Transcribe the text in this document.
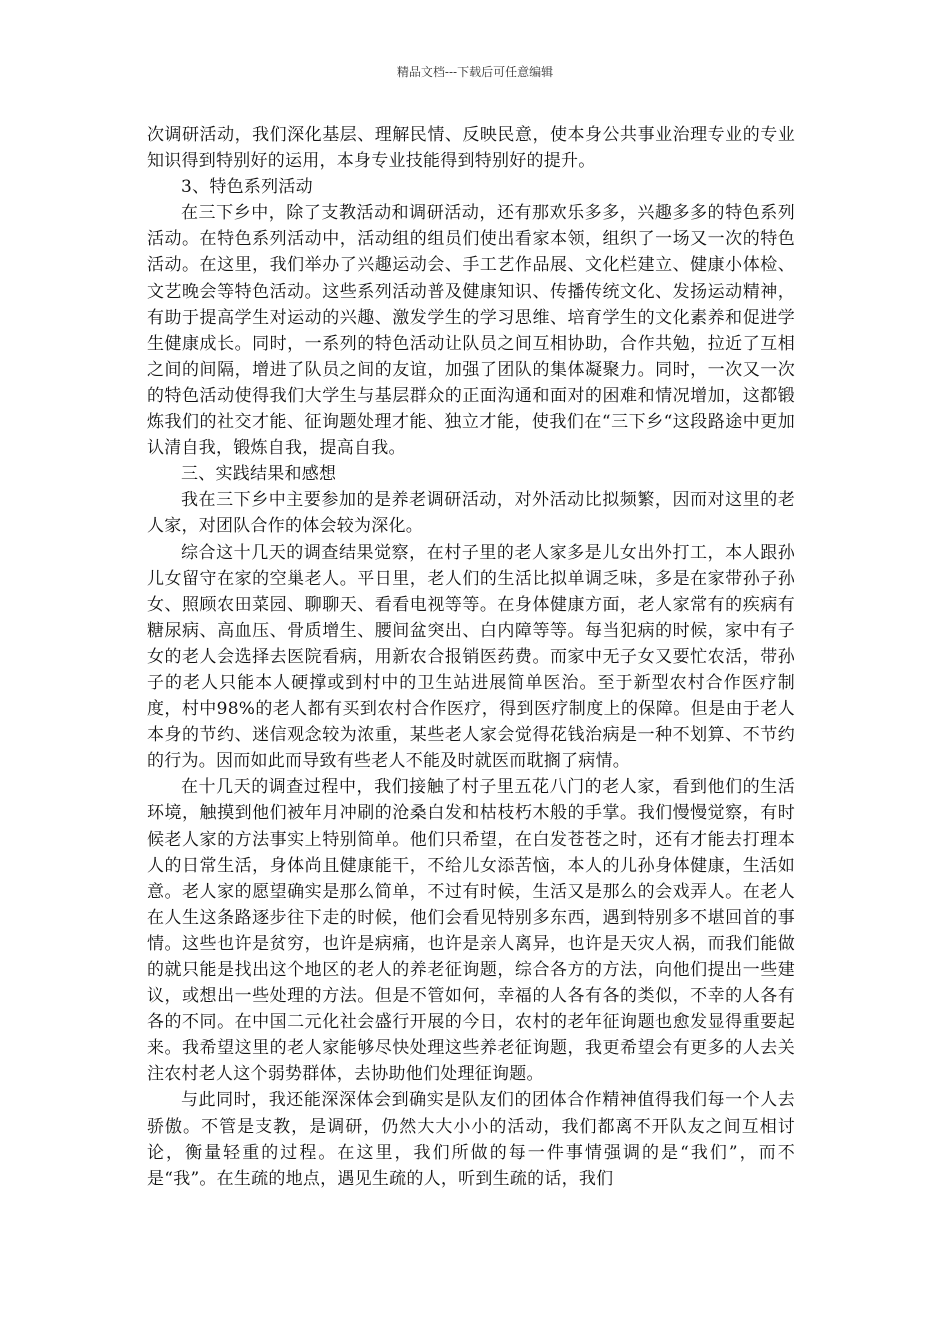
精品文档---下载后可任意编辑

次调研活动，我们深化基层、理解民情、反映民意，使本身公共事业治理专业的专业知识得到特别好的运用，本身专业技能得到特别好的提升。

3、特色系列活动

在三下乡中，除了支教活动和调研活动，还有那欢乐多多，兴趣多多的特色系列活动。在特色系列活动中，活动组的组员们使出看家本领，组织了一场又一次的特色活动。在这里，我们举办了兴趣运动会、手工艺作品展、文化栏建立、健康小体检、文艺晚会等特色活动。这些系列活动普及健康知识、传播传统文化、发扬运动精神，有助于提高学生对运动的兴趣、激发学生的学习思维、培育学生的文化素养和促进学生健康成长。同时，一系列的特色活动让队员之间互相协助，合作共勉，拉近了互相之间的间隔，增进了队员之间的友谊，加强了团队的集体凝聚力。同时，一次又一次的特色活动使得我们大学生与基层群众的正面沟通和面对的困难和情况增加，这都锻炼我们的社交才能、征询题处理才能、独立才能，使我们在“三下乡“这段路途中更加认清自我，锻炼自我，提高自我。

三、实践结果和感想

我在三下乡中主要参加的是养老调研活动，对外活动比拟频繁，因而对这里的老人家，对团队合作的体会较为深化。

综合这十几天的调查结果觉察，在村子里的老人家多是儿女出外打工，本人跟孙儿女留守在家的空巢老人。平日里，老人们的生活比拟单调乏味，多是在家带孙子孙女、照顾农田菜园、聊聊天、看看电视等等。在身体健康方面，老人家常有的疾病有糖尿病、高血压、骨质增生、腰间盆突出、白内障等等。每当犯病的时候，家中有子女的老人会选择去医院看病，用新农合报销医药费。而家中无子女又要忙农活，带孙子的老人只能本人硬撑或到村中的卫生站进展简单医治。至于新型农村合作医疗制度，村中98%的老人都有买到农村合作医疗，得到医疗制度上的保障。但是由于老人本身的节约、迷信观念较为浓重，某些老人家会觉得花钱治病是一种不划算、不节约的行为。因而如此而导致有些老人不能及时就医而耽搁了病情。

在十几天的调查过程中，我们接触了村子里五花八门的老人家，看到他们的生活环境，触摸到他们被年月冲刷的沧桑白发和枯枝朽木般的手掌。我们慢慢觉察，有时候老人家的方法事实上特别简单。他们只希望，在白发苍苍之时，还有才能去打理本人的日常生活，身体尚且健康能干，不给儿女添苦恼，本人的儿孙身体健康，生活如意。老人家的愿望确实是那么简单，不过有时候，生活又是那么的会戏弄人。在老人在人生这条路逐步往下走的时候，他们会看见特别多东西，遇到特别多不堪回首的事情。这些也许是贫穷，也许是病痛，也许是亲人离异，也许是天灾人祸，而我们能做的就只能是找出这个地区的老人的养老征询题，综合各方的方法，向他们提出一些建议，或想出一些处理的方法。但是不管如何，幸福的人各有各的类似，不幸的人各有各的不同。在中国二元化社会盛行开展的今日，农村的老年征询题也愈发显得重要起来。我希望这里的老人家能够尽快处理这些养老征询题，我更希望会有更多的人去关注农村老人这个弱势群体，去协助他们处理征询题。

与此同时，我还能深深体会到确实是队友们的团体合作精神值得我们每一个人去骄傲。不管是支教，是调研，仍然大大小小的活动，我们都离不开队友之间互相讨论，衡量轻重的过程。在这里，我们所做的每一件事情强调的是“我们”，而不是“我”。在生疏的地点，遇见生疏的人，听到生疏的话，我们
